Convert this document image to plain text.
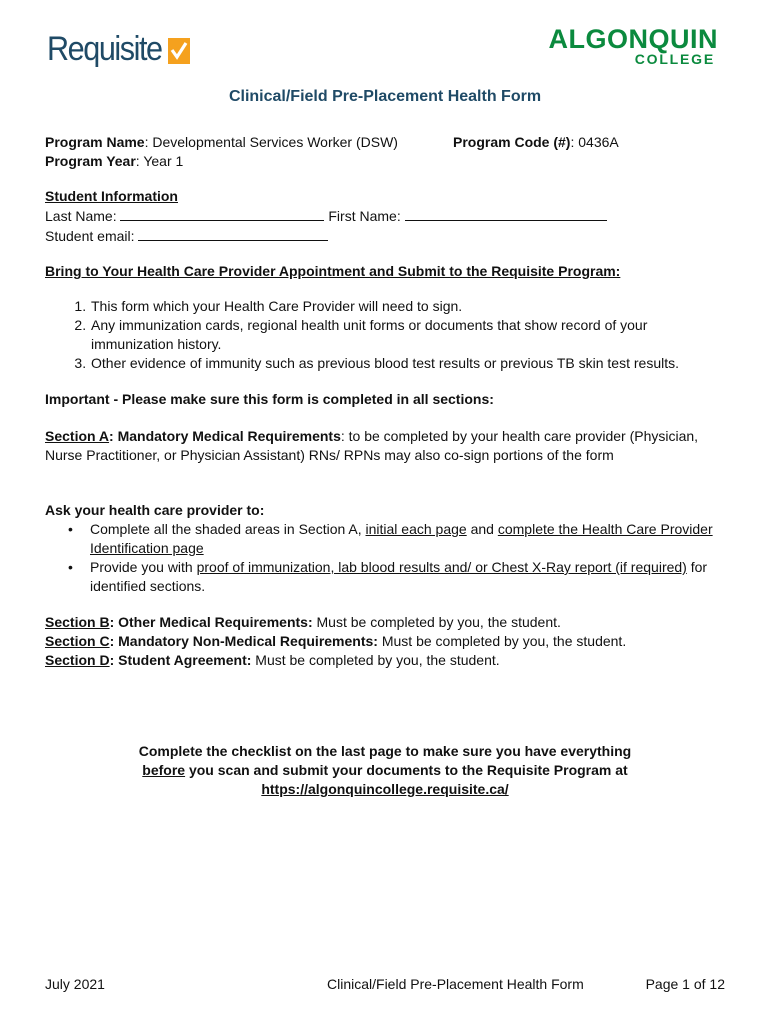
Requisite	ALGONQUIN
COLLEGE
Clinical/Field Pre-Placement Health Form
Program Name: Developmental Services Worker (DSW)	Program Code (#): 0436A
Program Year: Year 1
Student Information
Last Name:	First Name:
Student email:
Bring to Your Health Care Provider Appointment and Submit to the Requisite Program:
1. This form which your Health Care Provider will need to sign.
2. Any immunization cards, regional health unit forms or documents that show record of your immunization history.
3. Other evidence of immunity such as previous blood test results or previous TB skin test results.
Important - Please make sure this form is completed in all sections:
Section A: Mandatory Medical Requirements: to be completed by your health care provider (Physician, Nurse Practitioner, or Physician Assistant) RNs/ RPNs may also co-sign portions of the form
Ask your health care provider to:
• Complete all the shaded areas in Section A, initial each page and complete the Health Care Provider Identification page
• Provide you with proof of immunization, lab blood results and/ or Chest X-Ray report (if required) for identified sections.
Section B: Other Medical Requirements: Must be completed by you, the student.
Section C: Mandatory Non-Medical Requirements: Must be completed by you, the student.
Section D: Student Agreement: Must be completed by you, the student.
Complete the checklist on the last page to make sure you have everything
before you scan and submit your documents to the Requisite Program at
https://algonquincollege.requisite.ca/
July 2021	Clinical/Field Pre-Placement Health Form	Page 1 of 12
